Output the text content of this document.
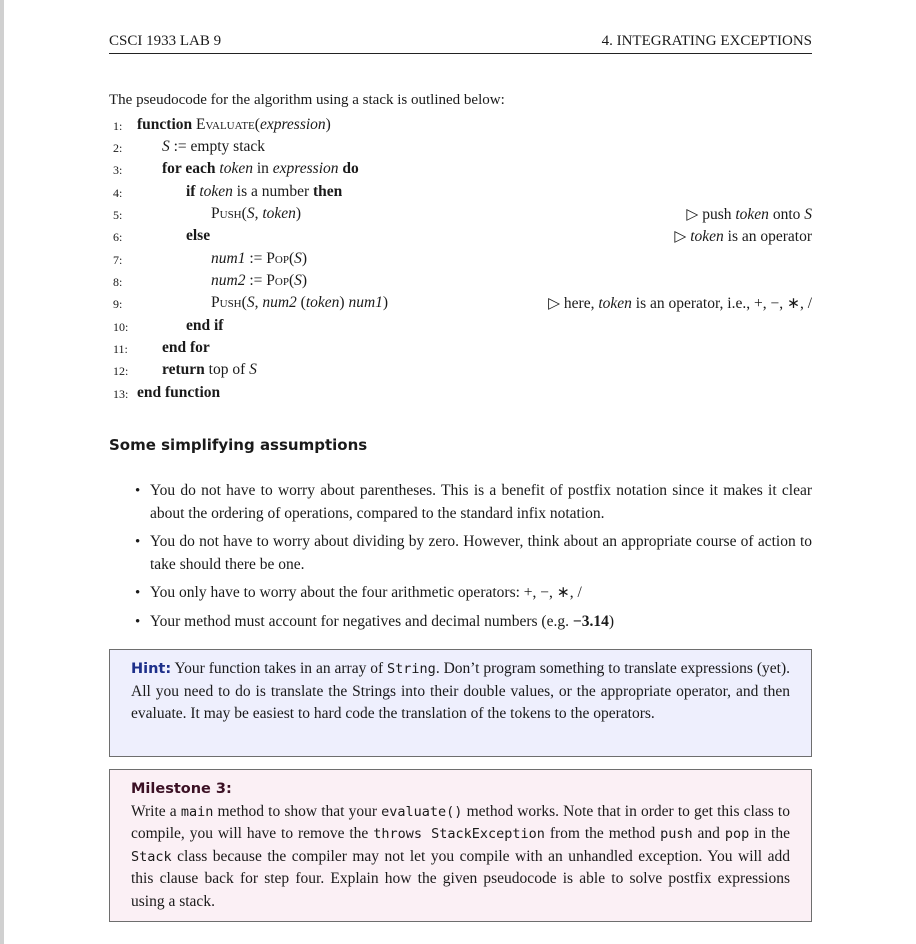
CSCI 1933 LAB 9	4. INTEGRATING EXCEPTIONS
The pseudocode for the algorithm using a stack is outlined below:
1: function Evaluate(expression)
2:	S := empty stack
3:	for each token in expression do
4:	if token is a number then
5:	Push(S, token)	▷ push token onto S
6:	else	▷ token is an operator
7:	num1 := Pop(S)
8:	num2 := Pop(S)
9:	Push(S, num2 (token) num1)	▷ here, token is an operator, i.e., +, −, ∗, /
10:	end if
11: end for
12: return top of S
13: end function
Some simplifying assumptions
• You do not have to worry about parentheses. This is a benefit of postfix notation since it makes it clear about the ordering of operations, compared to the standard infix notation.
• You do not have to worry about dividing by zero. However, think about an appropriate course of action to take should there be one.
• You only have to worry about the four arithmetic operators: +, −, ∗, /
• Your method must account for negatives and decimal numbers (e.g. −3.14)
Hint: Your function takes in an array of String. Don’t program something to translate expressions (yet). All you need to do is translate the Strings into their double values, or the appropriate operator, and then evaluate. It may be easiest to hard code the translation of the tokens to the operators.
Milestone 3:
Write a main method to show that your evaluate() method works. Note that in order to get this class to compile, you will have to remove the throws StackException from the method push and pop in the Stack class because the compiler may not let you compile with an unhandled exception. You will add this clause back for step four. Explain how the given pseudocode is able to solve postfix expressions using a stack.
